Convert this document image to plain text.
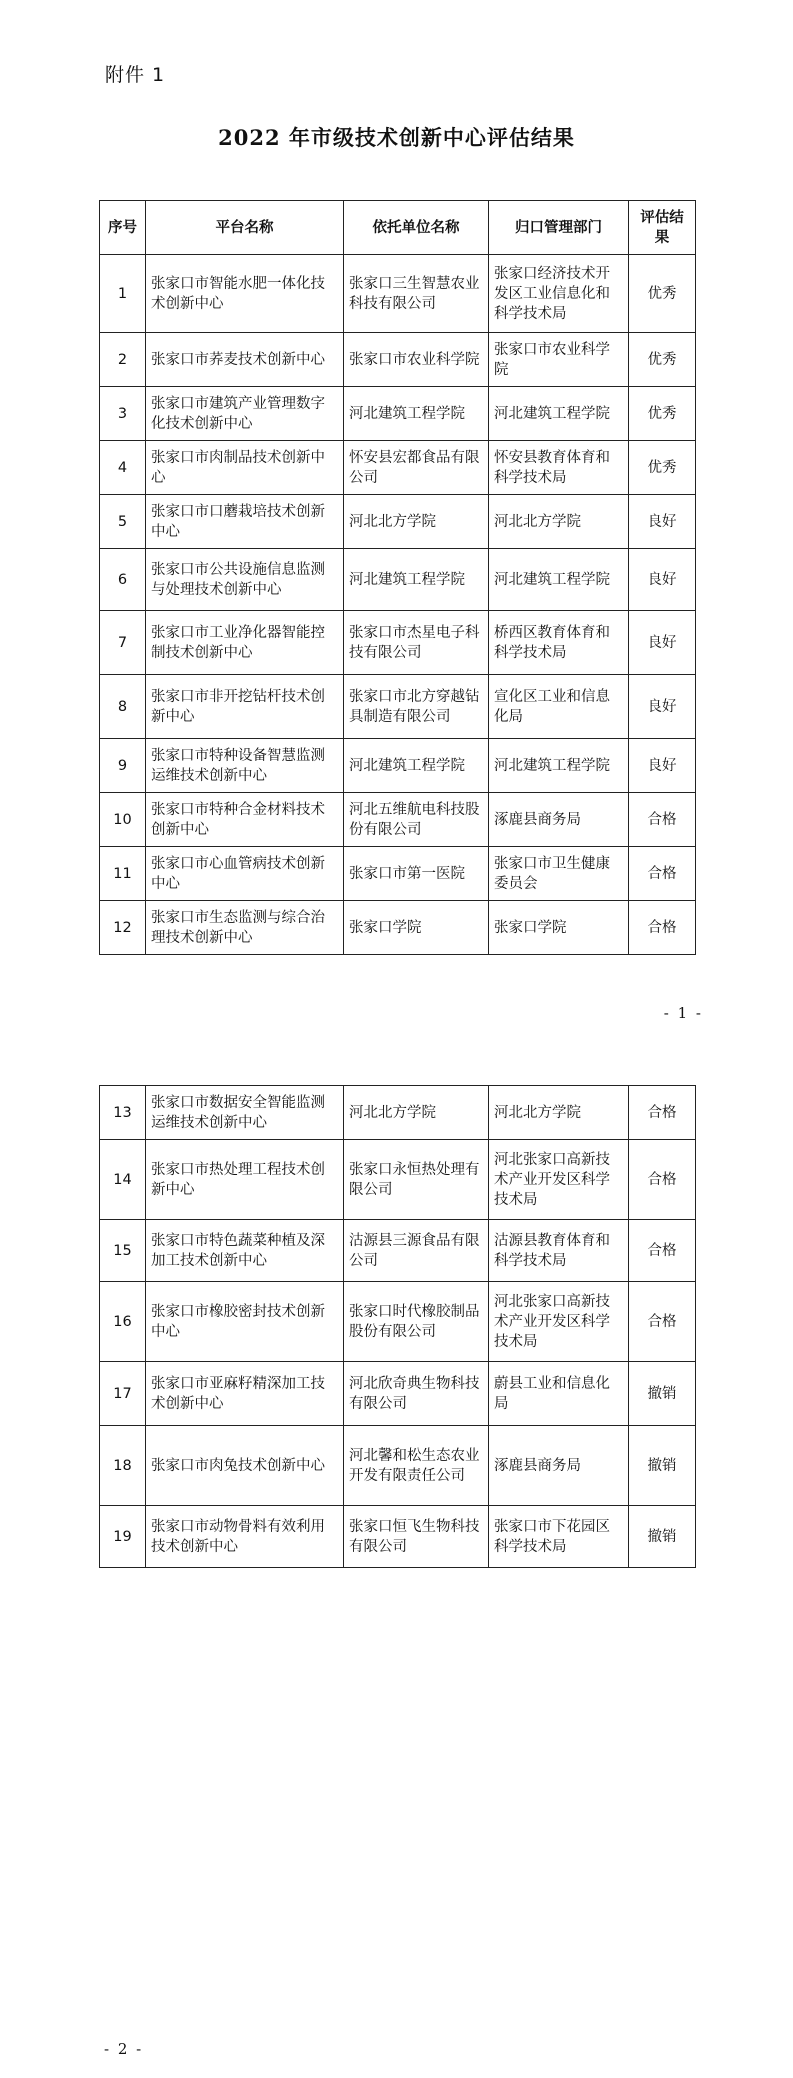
附件 1
2022 年市级技术创新中心评估结果
序号	平台名称	依托单位名称	归口管理部门	评估结果
1	张家口市智能水肥一体化技术创新中心	张家口三生智慧农业科技有限公司	张家口经济技术开发区工业信息化和科学技术局	优秀
2	张家口市荞麦技术创新中心	张家口市农业科学院	张家口市农业科学院	优秀
3	张家口市建筑产业管理数字化技术创新中心	河北建筑工程学院	河北建筑工程学院	优秀
4	张家口市肉制品技术创新中心	怀安县宏都食品有限公司	怀安县教育体育和科学技术局	优秀
5	张家口市口蘑栽培技术创新中心	河北北方学院	河北北方学院	良好
6	张家口市公共设施信息监测与处理技术创新中心	河北建筑工程学院	河北建筑工程学院	良好
7	张家口市工业净化器智能控制技术创新中心	张家口市杰星电子科技有限公司	桥西区教育体育和科学技术局	良好
8	张家口市非开挖钻杆技术创新中心	张家口市北方穿越钻具制造有限公司	宣化区工业和信息化局	良好
9	张家口市特种设备智慧监测运维技术创新中心	河北建筑工程学院	河北建筑工程学院	良好
10	张家口市特种合金材料技术创新中心	河北五维航电科技股份有限公司	涿鹿县商务局	合格
11	张家口市心血管病技术创新中心	张家口市第一医院	张家口市卫生健康委员会	合格
12	张家口市生态监测与综合治理技术创新中心	张家口学院	张家口学院	合格
- 1 -
13	张家口市数据安全智能监测运维技术创新中心	河北北方学院	河北北方学院	合格
14	张家口市热处理工程技术创新中心	张家口永恒热处理有限公司	河北张家口高新技术产业开发区科学技术局	合格
15	张家口市特色蔬菜种植及深加工技术创新中心	沽源县三源食品有限公司	沽源县教育体育和科学技术局	合格
16	张家口市橡胶密封技术创新中心	张家口时代橡胶制品股份有限公司	河北张家口高新技术产业开发区科学技术局	合格
17	张家口市亚麻籽精深加工技术创新中心	河北欣奇典生物科技有限公司	蔚县工业和信息化局	撤销
18	张家口市肉兔技术创新中心	河北馨和松生态农业开发有限责任公司	涿鹿县商务局	撤销
19	张家口市动物骨料有效利用技术创新中心	张家口恒飞生物科技有限公司	张家口市下花园区科学技术局	撤销
- 2 -
